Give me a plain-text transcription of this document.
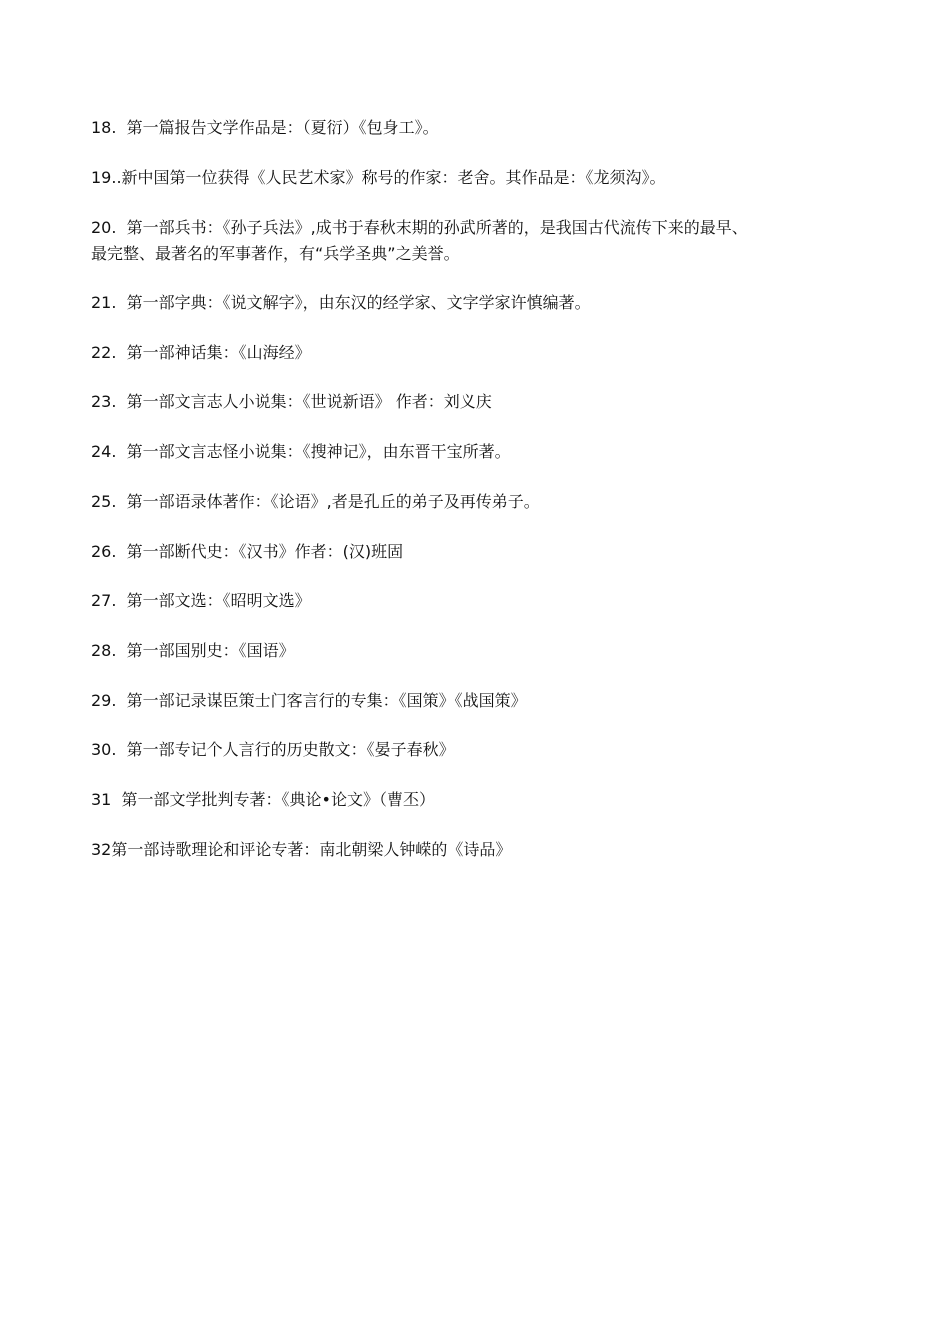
18. 第一篇报告文学作品是：（夏衍）《包身工》。
19..新中国第一位获得《人民艺术家》称号的作家：老舍。其作品是：《龙须沟》。
20. 第一部兵书：《孙子兵法》,成书于春秋末期的孙武所著的，是我国古代流传下来的最早、
最完整、最著名的军事著作，有“兵学圣典”之美誉。
21. 第一部字典：《说文解字》，由东汉的经学家、文字学家许慎编著。
22. 第一部神话集：《山海经》
23. 第一部文言志人小说集：《世说新语》 作者：刘义庆
24. 第一部文言志怪小说集：《搜神记》，由东晋干宝所著。
25. 第一部语录体著作：《论语》,者是孔丘的弟子及再传弟子。
26. 第一部断代史：《汉书》作者：(汉)班固
27. 第一部文选：《昭明文选》
28. 第一部国别史：《国语》
29. 第一部记录谋臣策士门客言行的专集：《国策》《战国策》
30. 第一部专记个人言行的历史散文：《晏子春秋》
31 第一部文学批判专著：《典论•论文》（曹丕）
32第一部诗歌理论和评论专著：南北朝梁人钟嵘的《诗品》
